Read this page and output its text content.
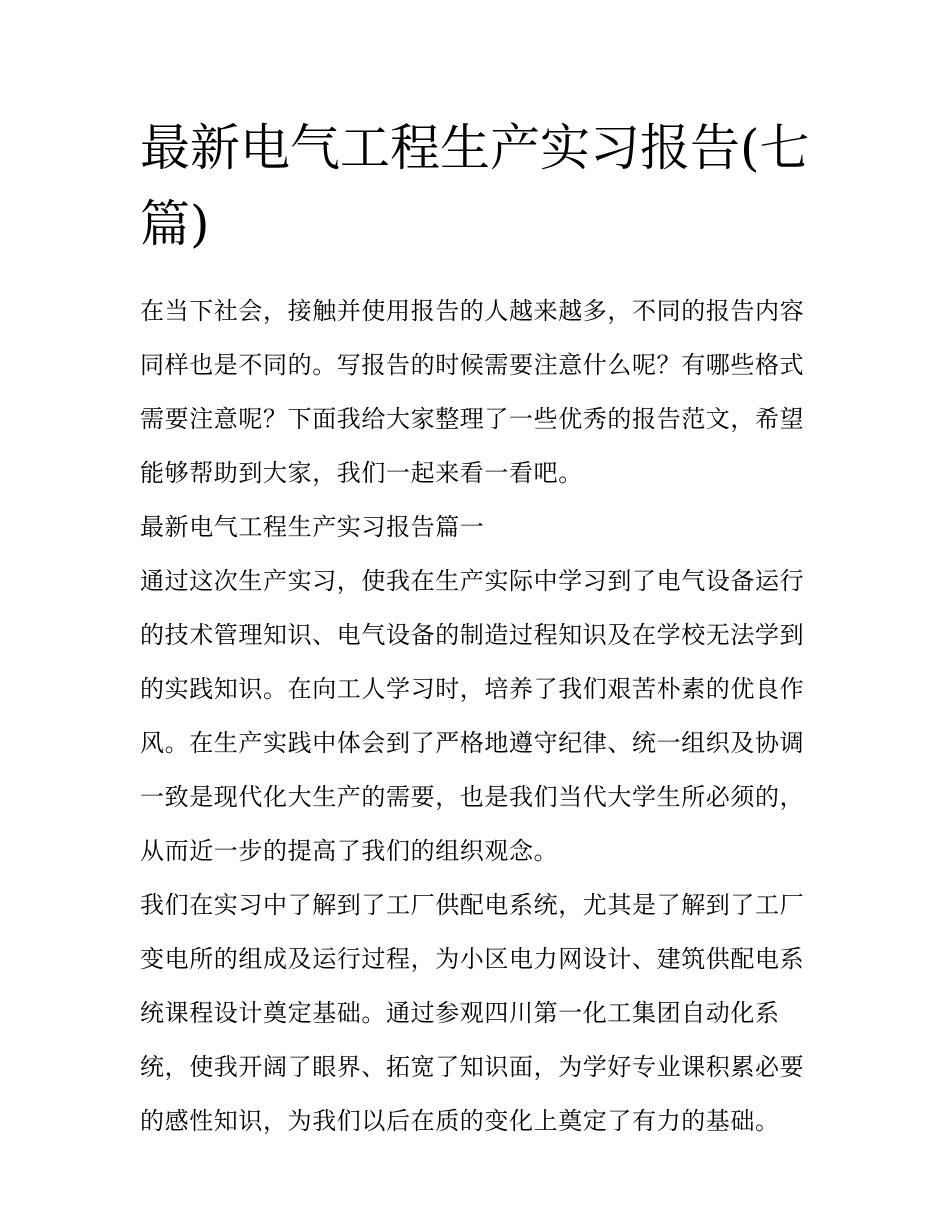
最新电气工程生产实习报告(七篇)

在当下社会，接触并使用报告的人越来越多，不同的报告内容同样也是不同的。写报告的时候需要注意什么呢？有哪些格式需要注意呢？下面我给大家整理了一些优秀的报告范文，希望能够帮助到大家，我们一起来看一看吧。

最新电气工程生产实习报告篇一

通过这次生产实习，使我在生产实际中学习到了电气设备运行的技术管理知识、电气设备的制造过程知识及在学校无法学到的实践知识。在向工人学习时，培养了我们艰苦朴素的优良作风。在生产实践中体会到了严格地遵守纪律、统一组织及协调一致是现代化大生产的需要，也是我们当代大学生所必须的，从而近一步的提高了我们的组织观念。

我们在实习中了解到了工厂供配电系统，尤其是了解到了工厂变电所的组成及运行过程，为小区电力网设计、建筑供配电系统课程设计奠定基础。通过参观四川第一化工集团自动化系统，使我开阔了眼界、拓宽了知识面，为学好专业课积累必要的感性知识，为我们以后在质的变化上奠定了有力的基础。
